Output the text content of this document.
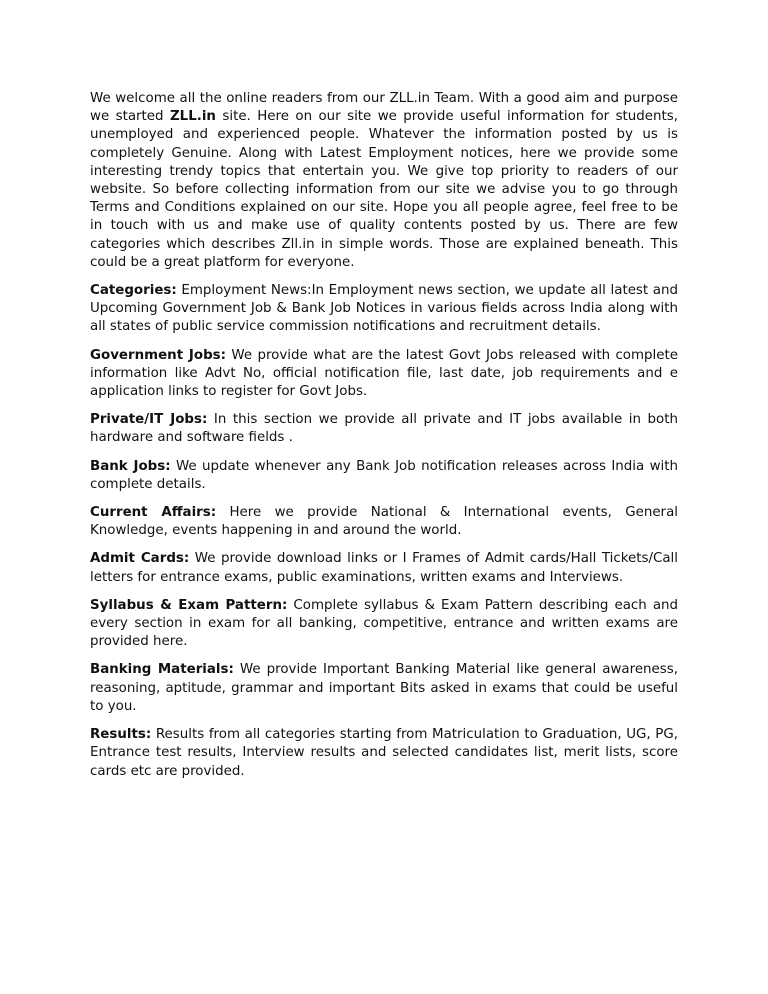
We welcome all the online readers from our ZLL.in Team. With a good aim and purpose we started ZLL.in site. Here on our site we provide useful information for students, unemployed and experienced people. Whatever the information posted by us is completely Genuine. Along with Latest Employment notices, here we provide some interesting trendy topics that entertain you. We give top priority to readers of our website. So before collecting information from our site we advise you to go through Terms and Conditions explained on our site. Hope you all people agree, feel free to be in touch with us and make use of quality contents posted by us. There are few categories which describes Zll.in in simple words. Those are explained beneath. This could be a great platform for everyone.

Categories: Employment News:In Employment news section, we update all latest and Upcoming Government Job & Bank Job Notices in various fields across India along with all states of public service commission notifications and recruitment details.

Government Jobs: We provide what are the latest Govt Jobs released with complete information like Advt No, official notification file, last date, job requirements and e application links to register for Govt Jobs.

Private/IT Jobs: In this section we provide all private and IT jobs available in both hardware and software fields .

Bank Jobs: We update whenever any Bank Job notification releases across India with complete details.

Current Affairs: Here we provide National & International events, General Knowledge, events happening in and around the world.

Admit Cards: We provide download links or I Frames of Admit cards/Hall Tickets/Call letters for entrance exams, public examinations, written exams and Interviews.

Syllabus & Exam Pattern: Complete syllabus & Exam Pattern describing each and every section in exam for all banking, competitive, entrance and written exams are provided here.

Banking Materials: We provide Important Banking Material like general awareness, reasoning, aptitude, grammar and important Bits asked in exams that could be useful to you.

Results: Results from all categories starting from Matriculation to Graduation, UG, PG, Entrance test results, Interview results and selected candidates list, merit lists, score cards etc are provided.
